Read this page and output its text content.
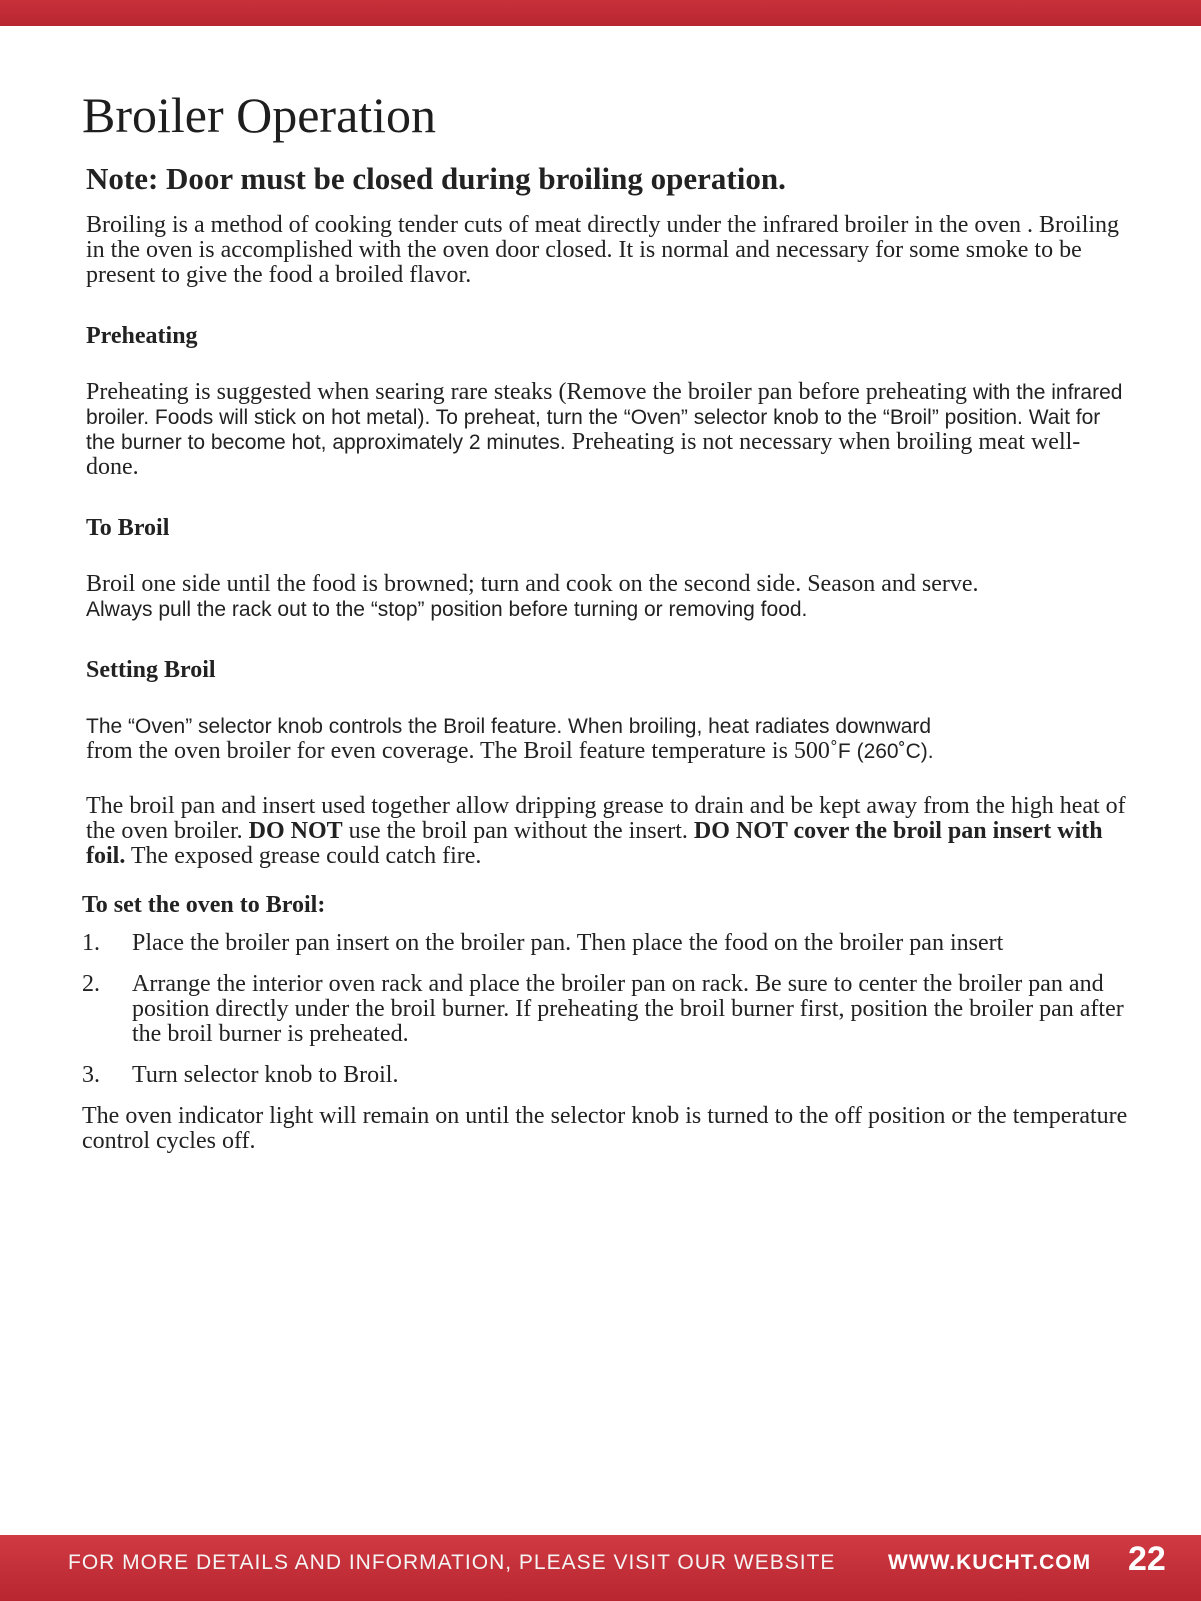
Broiler Operation
Note: Door must be closed during broiling operation.

Broiling is a method of cooking tender cuts of meat directly under the infrared broiler in the oven . Broiling in the oven is accomplished with the oven door closed. It is normal and necessary for some smoke to be present to give the food a broiled flavor.

Preheating

Preheating is suggested when searing rare steaks (Remove the broiler pan before preheating with the infrared broiler. Foods will stick on hot metal). To preheat, turn the “Oven” selector knob to the “Broil” position. Wait for the burner to become hot, approximately 2 minutes. Preheating is not necessary when broiling meat well-done.

To Broil

Broil one side until the food is browned; turn and cook on the second side. Season and serve.
Always pull the rack out to the “stop” position before turning or removing food.

Setting Broil

The “Oven” selector knob controls the Broil feature. When broiling, heat radiates downward
from the oven broiler for even coverage. The Broil feature temperature is 500˚F (260˚C).

The broil pan and insert used together allow dripping grease to drain and be kept away from the high heat of the oven broiler. DO NOT use the broil pan without the insert. DO NOT cover the broil pan insert with foil. The exposed grease could catch fire.

To set the oven to Broil:
1. Place the broiler pan insert on the broiler pan. Then place the food on the broiler pan insert
2. Arrange the interior oven rack and place the broiler pan on rack. Be sure to center the broiler pan and position directly under the broil burner. If preheating the broil burner first, position the broiler pan after the broil burner is preheated.
3. Turn selector knob to Broil.

The oven indicator light will remain on until the selector knob is turned to the off position or the temperature control cycles off.

FOR MORE DETAILS AND INFORMATION, PLEASE VISIT OUR WEBSITE	WWW.KUCHT.COM 22
